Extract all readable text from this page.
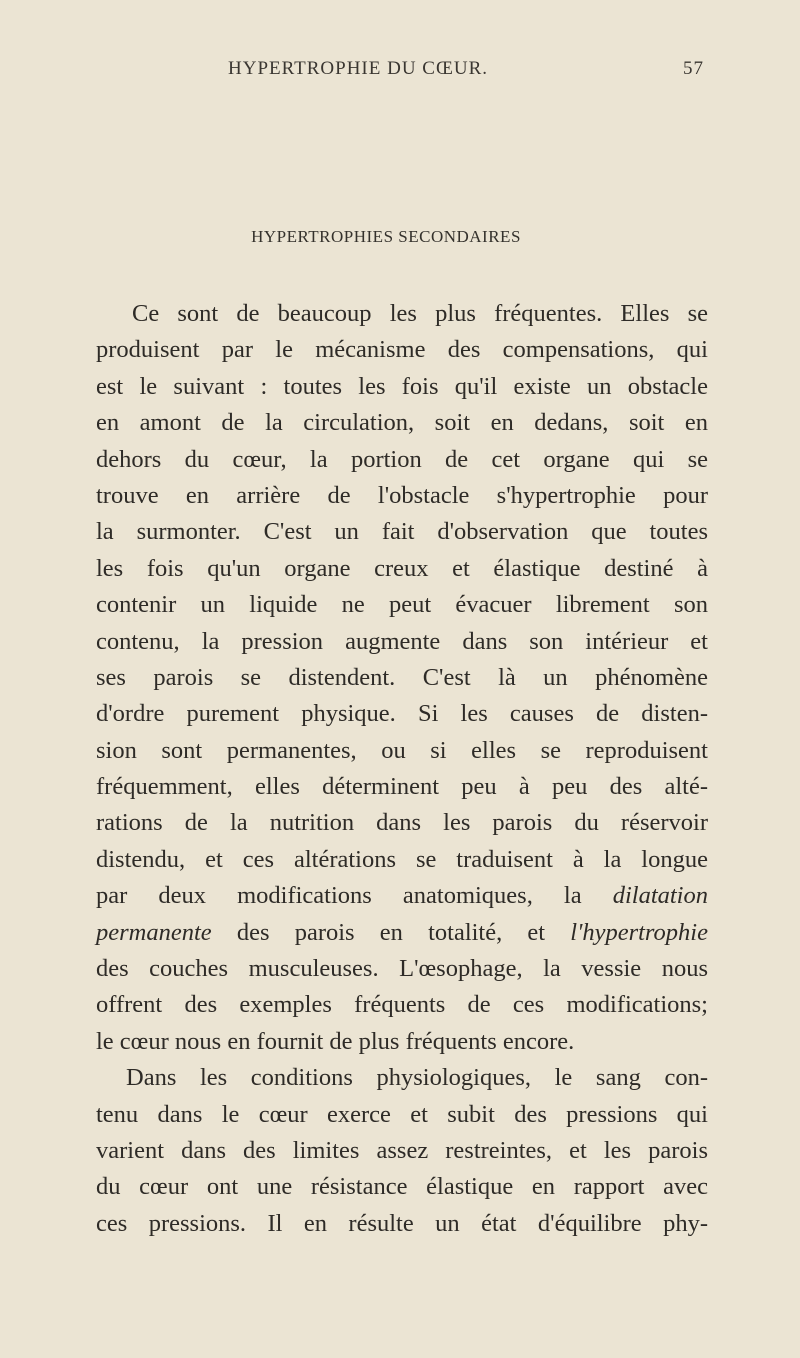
HYPERTROPHIE DU CŒUR.	57
HYPERTROPHIES SECONDAIRES
Ce sont de beaucoup les plus fréquentes. Elles se
produisent par le mécanisme des compensations, qui
est le suivant : toutes les fois qu'il existe un obstacle
en amont de la circulation, soit en dedans, soit en
dehors du cœur, la portion de cet organe qui se
trouve en arrière de l'obstacle s'hypertrophie pour
la surmonter. C'est un fait d'observation que toutes
les fois qu'un organe creux et élastique destiné à
contenir un liquide ne peut évacuer librement son
contenu, la pression augmente dans son intérieur et
ses parois se distendent. C'est là un phénomène
d'ordre purement physique. Si les causes de disten-
sion sont permanentes, ou si elles se reproduisent
fréquemment, elles déterminent peu à peu des alté-
rations de la nutrition dans les parois du réservoir
distendu, et ces altérations se traduisent à la longue
par deux modifications anatomiques, la dilatation
permanente des parois en totalité, et l'hypertrophie
des couches musculeuses. L'œsophage, la vessie nous
offrent des exemples fréquents de ces modifications;
le cœur nous en fournit de plus fréquents encore.
Dans les conditions physiologiques, le sang con-
tenu dans le cœur exerce et subit des pressions qui
varient dans des limites assez restreintes, et les parois
du cœur ont une résistance élastique en rapport avec
ces pressions. Il en résulte un état d'équilibre phy-
